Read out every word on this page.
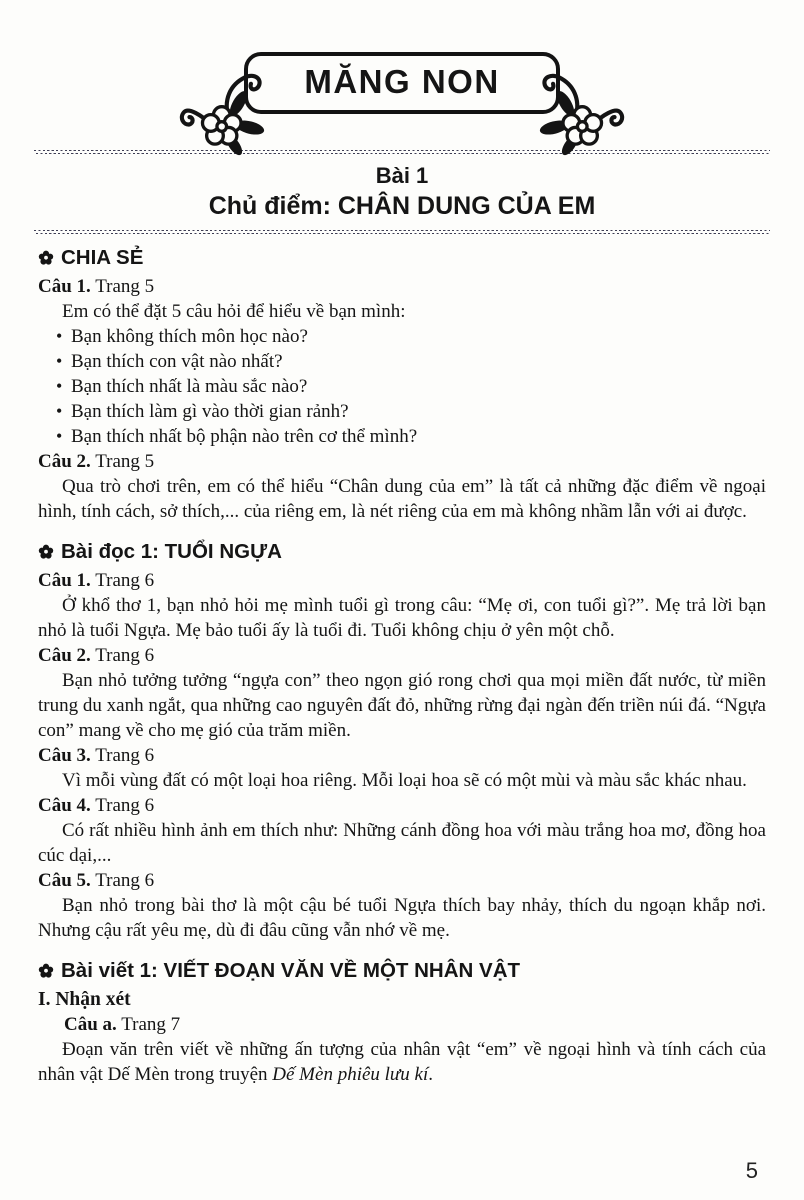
MĂNG NON
Bài 1
Chủ điểm: CHÂN DUNG CỦA EM
CHIA SẺ

Câu 1. Trang 5

Em có thể đặt 5 câu hỏi để hiểu về bạn mình:

• Bạn không thích môn học nào?
• Bạn thích con vật nào nhất?
• Bạn thích nhất là màu sắc nào?
• Bạn thích làm gì vào thời gian rảnh?
• Bạn thích nhất bộ phận nào trên cơ thể mình?

Câu 2. Trang 5

Qua trò chơi trên, em có thể hiểu “Chân dung của em” là tất cả những đặc điểm về ngoại hình, tính cách, sở thích,... của riêng em, là nét riêng của em mà không nhầm lẫn với ai được.

Bài đọc 1: TUỔI NGỰA

Câu 1. Trang 6

Ở khổ thơ 1, bạn nhỏ hỏi mẹ mình tuổi gì trong câu: “Mẹ ơi, con tuổi gì?”. Mẹ trả lời bạn nhỏ là tuổi Ngựa. Mẹ bảo tuổi ấy là tuổi đi. Tuổi không chịu ở yên một chỗ.

Câu 2. Trang 6

Bạn nhỏ tưởng tưởng “ngựa con” theo ngọn gió rong chơi qua mọi miền đất nước, từ miền trung du xanh ngắt, qua những cao nguyên đất đỏ, những rừng đại ngàn đến triền núi đá. “Ngựa con” mang về cho mẹ gió của trăm miền.

Câu 3. Trang 6

Vì mỗi vùng đất có một loại hoa riêng. Mỗi loại hoa sẽ có một mùi và màu sắc khác nhau.

Câu 4. Trang 6

Có rất nhiều hình ảnh em thích như: Những cánh đồng hoa với màu trắng hoa mơ, đồng hoa cúc dại,...

Câu 5. Trang 6

Bạn nhỏ trong bài thơ là một cậu bé tuổi Ngựa thích bay nhảy, thích du ngoạn khắp nơi. Nhưng cậu rất yêu mẹ, dù đi đâu cũng vẫn nhớ về mẹ.

Bài viết 1: VIẾT ĐOẠN VĂN VỀ MỘT NHÂN VẬT

I. Nhận xét

Câu a. Trang 7

Đoạn văn trên viết về những ấn tượng của nhân vật “em” về ngoại hình và tính cách của nhân vật Dế Mèn trong truyện Dế Mèn phiêu lưu kí.

5
